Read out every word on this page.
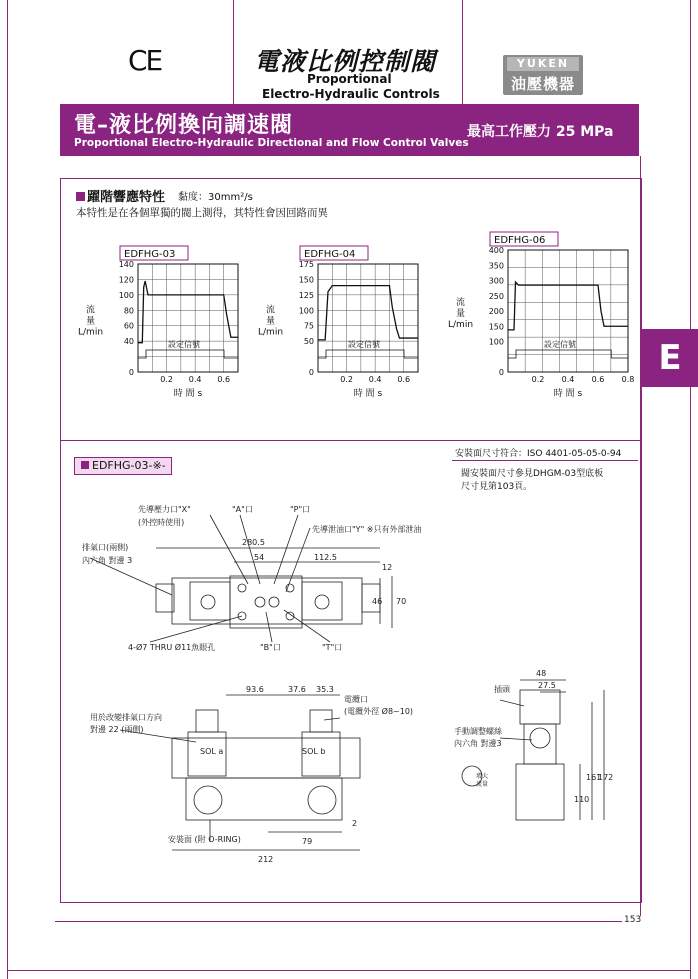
CE	電液比例控制閥
Proportional
Electro-Hydraulic Controls
YUKEN
油壓機器
電–液比例換向調速閥
Proportional Electro-Hydraulic Directional and Flow Control Valves
最高工作壓力 25 MPa
E
躍階響應特性 黏度：30mm²/s
本特性是在各個單獨的閥上測得，其特性會因回路而異
EDFHG-03
0
40
60
80
100
120
140
0.2 0.4 0.6
設定信號
流
量
L/min
時 間 s
EDFHG-04
0
50
75
100
125
150
175
0.2 0.4 0.6
設定信號
流
量
L/min
時 間 s
EDFHG-06
0
100
150
200
250
300
350
400
0.2 0.4 0.6 0.8
設定信號
流
量
L/min
時 間 s
EDFHG-03-※-
安裝面尺寸符合：ISO 4401-05-05-0-94
閥安裝面尺寸參見DHGM-03型底板
尺寸見第103頁。
先導壓力口"X"
(外控時使用)
"A"口	"P"口
先導泄油口"Y" ※只有外部泄油
排氣口(兩側)
內六角 對邊 3
280.5
54	112.5
12
46 70
4-Ø7 THRU Ø11魚眼孔	"B"口	"T"口
93.6	37.6 35.3
電纜口
(電纜外徑 Ø8~10)
用於改變排氣口方向
對邊 22 (兩側)
SOL a	SOL b
2
79
安裝面 (附 O-RING)
212
48
27.5
插頭
手動調整螺絲
內六角 對邊3
增大
流量
110
161
172
153
